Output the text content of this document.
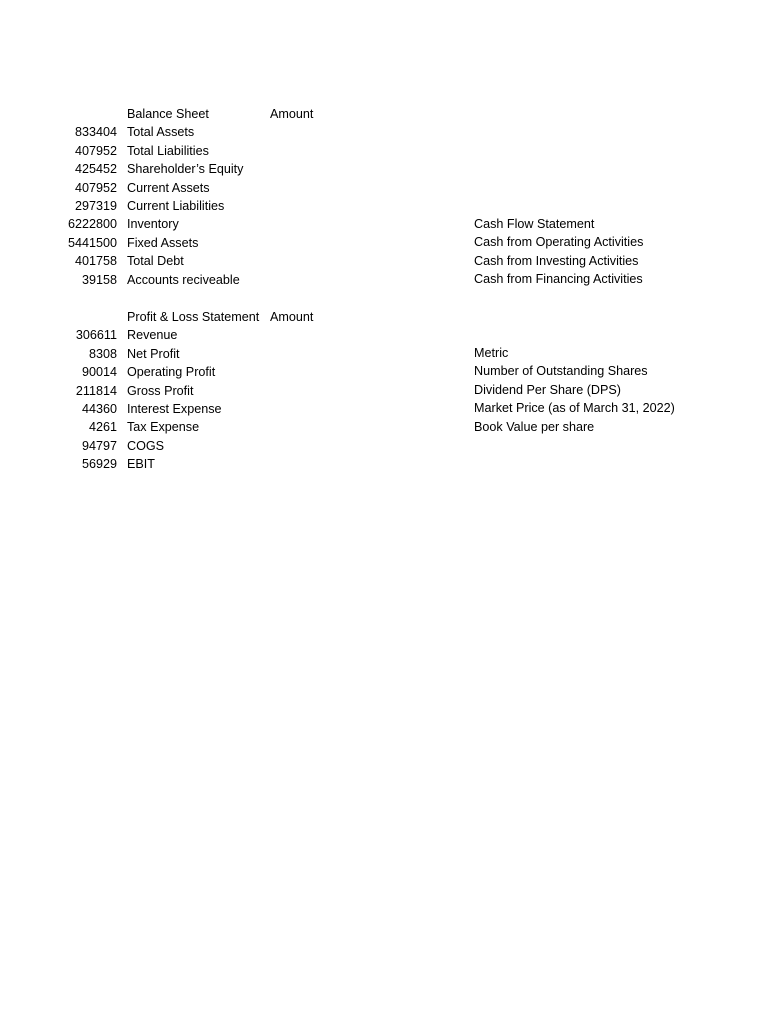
Balance Sheet	Amount
Total Assets
833404
Total Liabilities
407952
Shareholder’s Equity
425452
Current Assets
407952
Current Liabilities
297319
Inventory
6222800
Fixed Assets
5441500
Total Debt
401758
Accounts reciveable
39158
Profit & Loss Statement Amount
Revenue
306611
Net Profit
8308
Operating Profit
90014
Gross Profit
211814
Interest Expense
44360
Tax Expense
4261
COGS
94797
EBIT
56929
Cash Flow Statement
Cash from Operating Activities
Cash from Investing Activities
Cash from Financing Activities
Metric
Number of Outstanding Shares
Dividend Per Share (DPS)
Market Price (as of March 31, 2022)
Book Value per share
